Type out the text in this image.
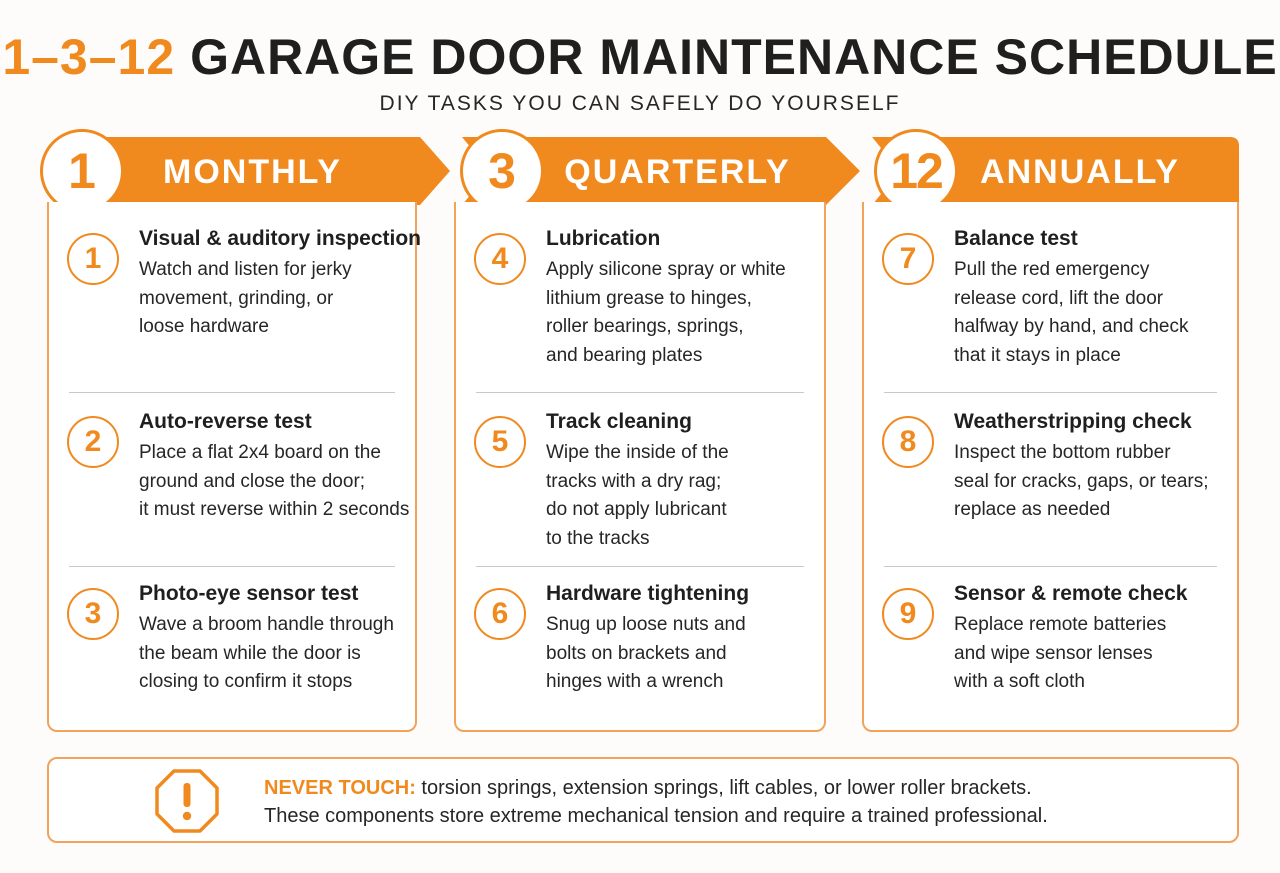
1–3–12 GARAGE DOOR MAINTENANCE SCHEDULE
DIY TASKS YOU CAN SAFELY DO YOURSELF
1	MONTHLY	3	QUARTERLY	12	ANNUALLY
1
Visual & auditory inspection
Watch and listen for jerky
movement, grinding, or
loose hardware
2
Auto-reverse test
Place a flat 2x4 board on the
ground and close the door;
it must reverse within 2 seconds
3
Photo-eye sensor test
Wave a broom handle through
the beam while the door is
closing to confirm it stops
4
Lubrication
Apply silicone spray or white
lithium grease to hinges,
roller bearings, springs,
and bearing plates
5
Track cleaning
Wipe the inside of the
tracks with a dry rag;
do not apply lubricant
to the tracks
6
Hardware tightening
Snug up loose nuts and
bolts on brackets and
hinges with a wrench
7
Balance test
Pull the red emergency
release cord, lift the door
halfway by hand, and check
that it stays in place
8
Weatherstripping check
Inspect the bottom rubber
seal for cracks, gaps, or tears;
replace as needed
9
Sensor & remote check
Replace remote batteries
and wipe sensor lenses
with a soft cloth
NEVER TOUCH: torsion springs, extension springs, lift cables, or lower roller brackets.
These components store extreme mechanical tension and require a trained professional.
